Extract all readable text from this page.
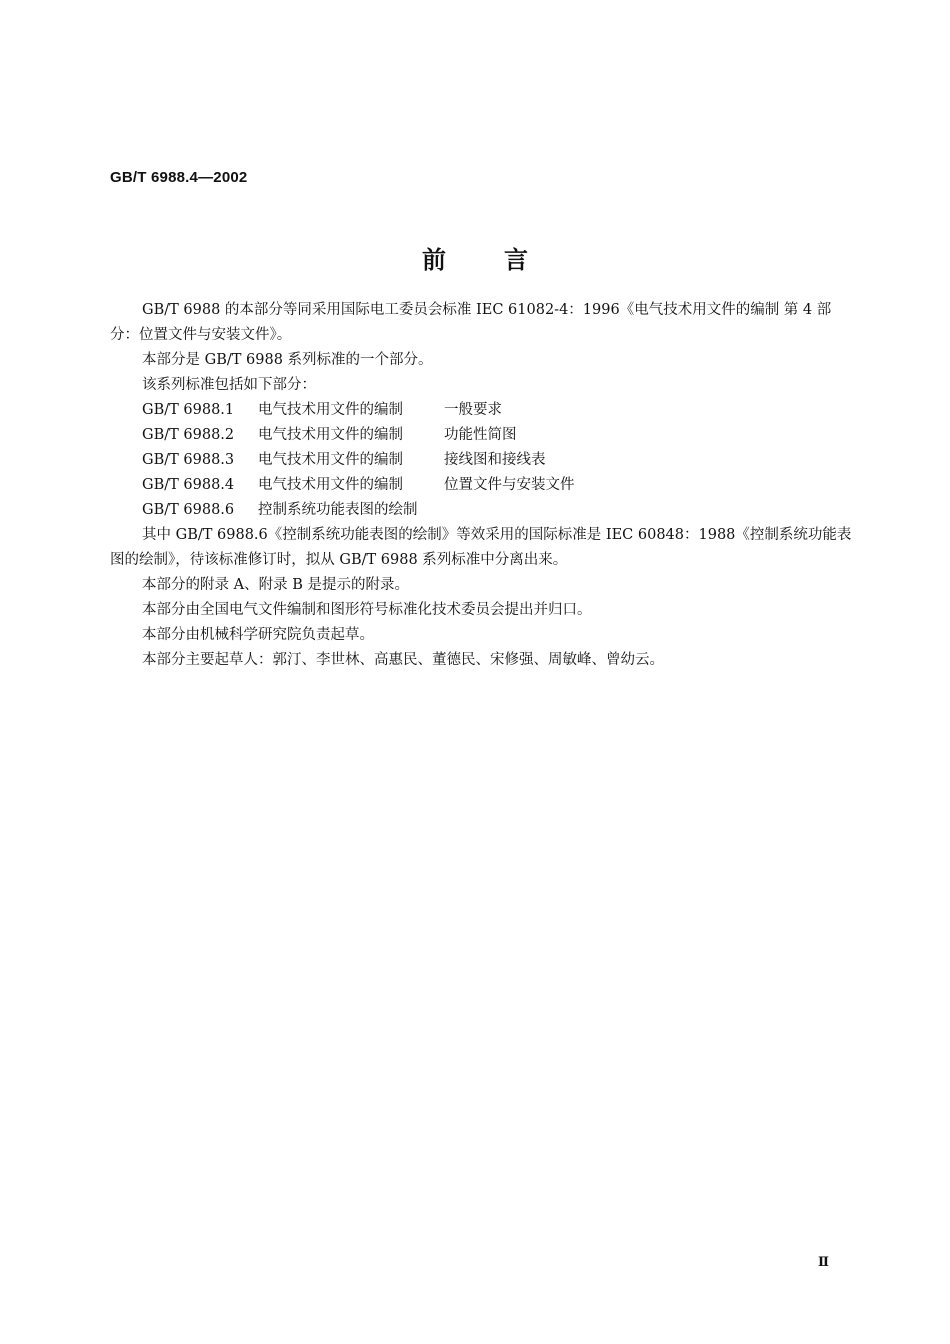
GB/T 6988.4—2002
前言

GB/T 6988 的本部分等同采用国际电工委员会标准 IEC 61082-4：1996《电气技术用文件的编制 第 4 部分：位置文件与安装文件》。

本部分是 GB/T 6988 系列标准的一个部分。

该系列标准包括如下部分：

GB/T 6988.1 电气技术用文件的编制	一般要求

GB/T 6988.2 电气技术用文件的编制	功能性简图

GB/T 6988.3 电气技术用文件的编制	接线图和接线表

GB/T 6988.4 电气技术用文件的编制	位置文件与安装文件

GB/T 6988.6 控制系统功能表图的绘制

其中 GB/T 6988.6《控制系统功能表图的绘制》等效采用的国际标准是 IEC 60848：1988《控制系统功能表图的绘制》，待该标准修订时，拟从 GB/T 6988 系列标准中分离出来。

本部分的附录 A、附录 B 是提示的附录。

本部分由全国电气文件编制和图形符号标准化技术委员会提出并归口。

本部分由机械科学研究院负责起草。

本部分主要起草人：郭汀、李世林、高惠民、董德民、宋修强、周敏峰、曾幼云。

Ⅱ
